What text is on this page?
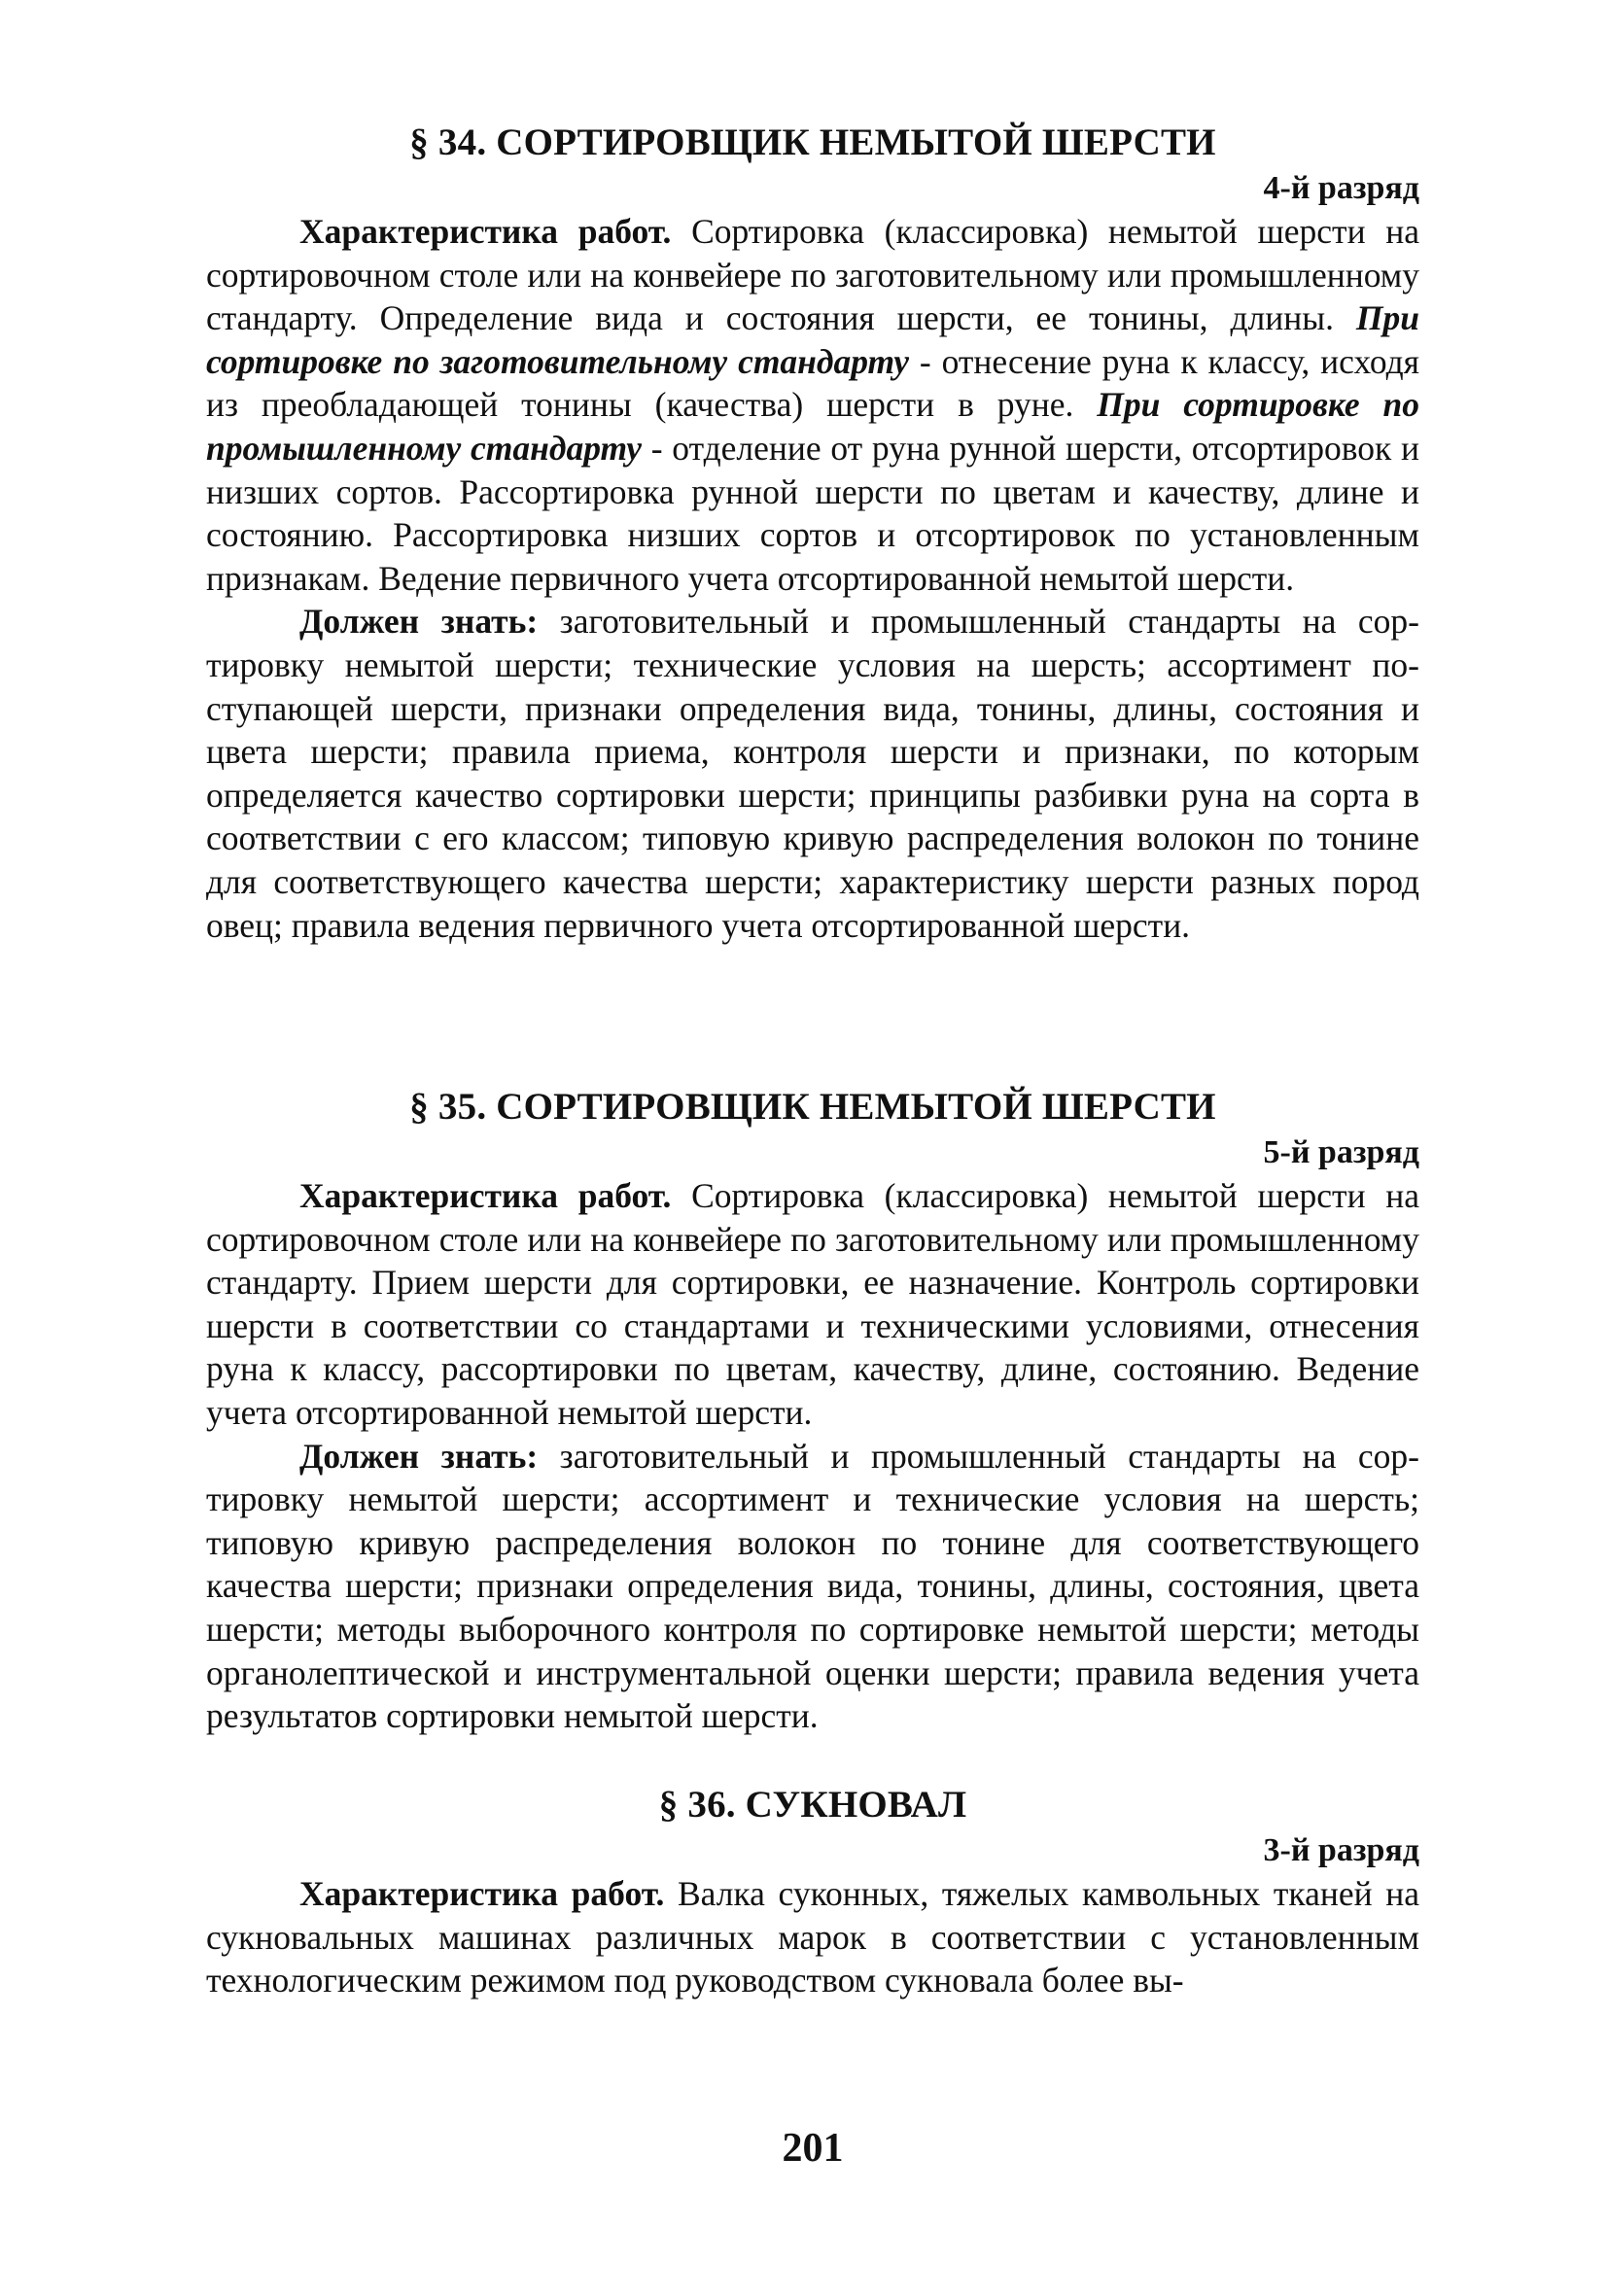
§ 34. СОРТИРОВЩИК НЕМЫТОЙ ШЕРСТИ
4-й разряд

Характеристика работ. Сортировка (классировка) немытой шерсти на сортировочном столе или на конвейере по заготовительному или промышленному стандарту. Определение вида и состояния шерсти, ее тонины, длины. При сортировке по заготовительному стандарту - отнесение руна к классу, исходя из преобладающей тонины (качества) шерсти в руне. При сортировке по промышленному стандарту - отделение от руна рунной шерсти, отсортировок и низших сортов. Рассортировка рунной шерсти по цветам и качеству, длине и состоянию. Рассортировка низших сортов и отсортировок по установленным признакам. Ведение первичного учета отсортированной немытой шерсти.

Должен знать: заготовительный и промышленный стандарты на сортировку немытой шерсти; технические условия на шерсть; ассортимент поступающей шерсти, признаки определения вида, тонины, длины, состояния и цвета шерсти; правила приема, контроля шерсти и признаки, по которым определяется качество сортировки шерсти; принципы разбивки руна на сорта в соответствии с его классом; типовую кривую распределения волокон по тонине для соответствующего качества шерсти; характеристику шерсти разных пород овец; правила ведения первичного учета отсортированной шерсти.

§ 35. СОРТИРОВЩИК НЕМЫТОЙ ШЕРСТИ
5-й разряд

Характеристика работ. Сортировка (классировка) немытой шерсти на сортировочном столе или на конвейере по заготовительному или промышленному стандарту. Прием шерсти для сортировки, ее назначение. Контроль сортировки шерсти в соответствии со стандартами и техническими условиями, отнесения руна к классу, рассортировки по цветам, качеству, длине, состоянию. Ведение учета отсортированной немытой шерсти.

Должен знать: заготовительный и промышленный стандарты на сортировку немытой шерсти; ассортимент и технические условия на шерсть; типовую кривую распределения волокон по тонине для соответствующего качества шерсти; признаки определения вида, тонины, длины, состояния, цвета шерсти; методы выборочного контроля по сортировке немытой шерсти; методы органолептической и инструментальной оценки шерсти; правила ведения учета результатов сортировки немытой шерсти.

§ 36. СУКНОВАЛ
3-й разряд

Характеристика работ. Валка суконных, тяжелых камвольных тканей на сукновальных машинах различных марок в соответствии с установленным технологическим режимом под руководством сукновала более вы-

201
